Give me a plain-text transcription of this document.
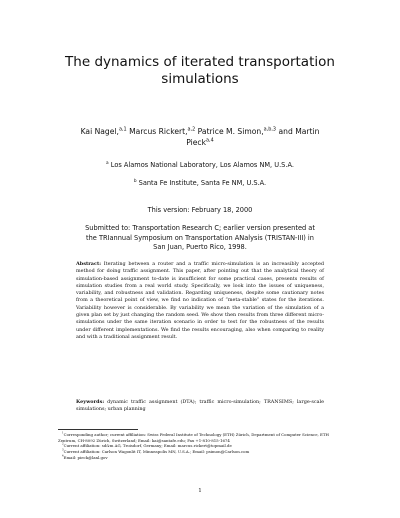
The dynamics of iterated transportation simulations
Kai Nagel,$^{a,1}$ Marcus Rickert,$^{a,2}$ Patrice M. Simon,$^{a,b,3}$ and Martin Pieck$^{a,4}$
$^a$ Los Alamos National Laboratory, Los Alamos NM, U.S.A.
$^b$ Santa Fe Institute, Santa Fe NM, U.S.A.
This version: February 18, 2000
Submitted to: Transportation Research C; earlier version presented at the TRIannual Symposium on Transportation ANalysis (TRISTAN-III) in San Juan, Puerto Rico, 1998.
Abstract: Iterating between a router and a traffic micro-simulation is an increasibly accepted method for doing traffic assignment. This paper, after pointing out that the analytical theory of simulation-based assignment to-date is insufficient for some practical cases, presents results of simulation studies from a real world study. Specifically, we look into the issues of uniqueness, variability, and robustness and validation. Regarding uniqueness, despite some cautionary notes from a theoretical point of view, we find no indication of “meta-stable” states for the iterations. Variability however is considerable. By variability we mean the variation of the simulation of a given plan set by just changing the random seed. We show then results from three different micro-simulations under the same iteration scenario in order to test for the robustness of the results under different implementations. We find the results encouraging, also when comparing to reality and with a traditional assignment result.
Keywords: dynamic traffic assignment (DTA); traffic micro-simulation; TRANSIMS; large-scale simulations; urban planning

$^1$Corresponding author; current affiliation: Swiss Federal Institute of Technology (ETH) Zürich, Department of Computer Science, ETH Zentrum, CH-8092 Zürich, Switzerland; Email: kai@santafe.edu; Fax +1-810-815-1674

$^2$Current affiliation: sd&m AG, Troisdorf, Germany; Email: marcus.rickert@topmail.de

$^3$Current affiliation: Carlson Wagonlit IT, Minneapolis MN, U.S.A.; Email: psimon@Carlson.com

$^4$Email: pieck@lanl.gov

1
